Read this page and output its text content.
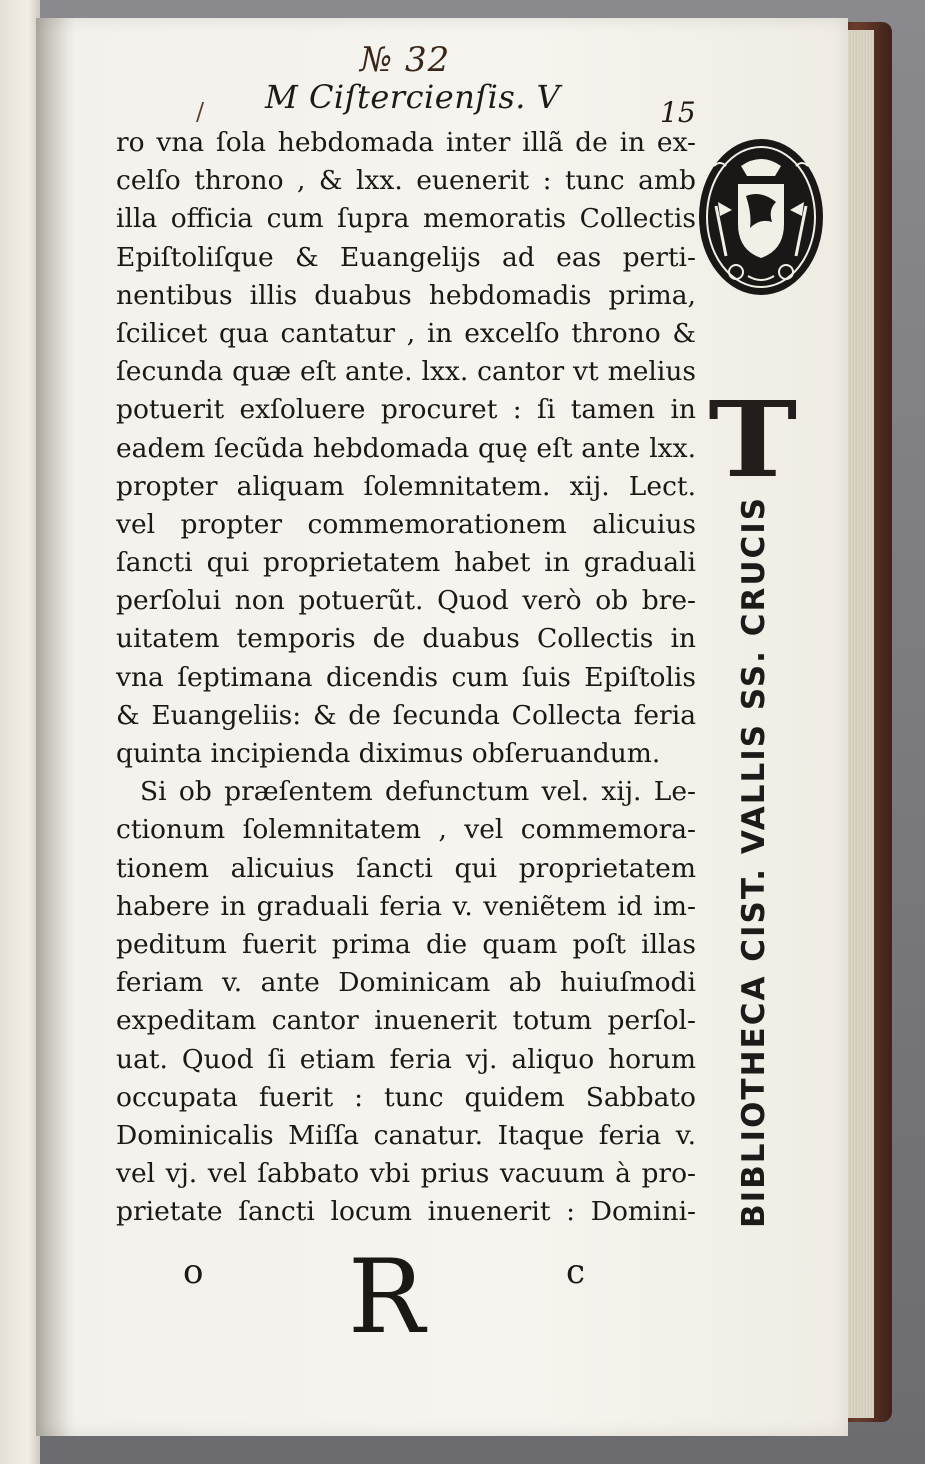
№ 32
/ M Ciſtercienſis. V	15
ro vna ſola hebdomada inter illã de in ex-
celſo throno , & lxx. euenerit : tunc amb
illa officia cum ſupra memoratis Collectis
Epiſtoliſque & Euangelijs ad eas perti-
nentibus illis duabus hebdomadis prima,
ſcilicet qua cantatur , in excelſo throno &
ſecunda quæ eſt ante. lxx. cantor vt melius
potuerit exſoluere procuret : ſi tamen in
eadem ſecũda hebdomada quę eſt ante lxx.
propter aliquam ſolemnitatem. xij. Lect.
vel propter commemorationem alicuius
ſancti qui proprietatem habet in graduali
perſolui non potuerũt. Quod verò ob bre-
uitatem temporis de duabus Collectis in
vna ſeptimana dicendis cum ſuis Epiſtolis
& Euangeliis: & de ſecunda Collecta feria
quinta incipienda diximus obſeruandum.
Si ob præſentem defunctum vel. xij. Le-
ctionum ſolemnitatem , vel commemora-
tionem alicuius ſancti qui proprietatem
habere in graduali feria v. veniẽtem id im-
peditum fuerit prima die quam poſt illas
feriam v. ante Dominicam ab huiuſmodi
expeditam cantor inuenerit totum perſol-
uat. Quod ſi etiam feria vj. aliquo horum
occupata fuerit : tunc quidem Sabbato
Dominicalis Miſſa canatur. Itaque feria v.
vel vj. vel ſabbato vbi prius vacuum à pro-
prietate ſancti locum inuenerit : Domini-
o R	c
T
BIBLIOTHECA CIST. VALLIS SS. CRUCIS
